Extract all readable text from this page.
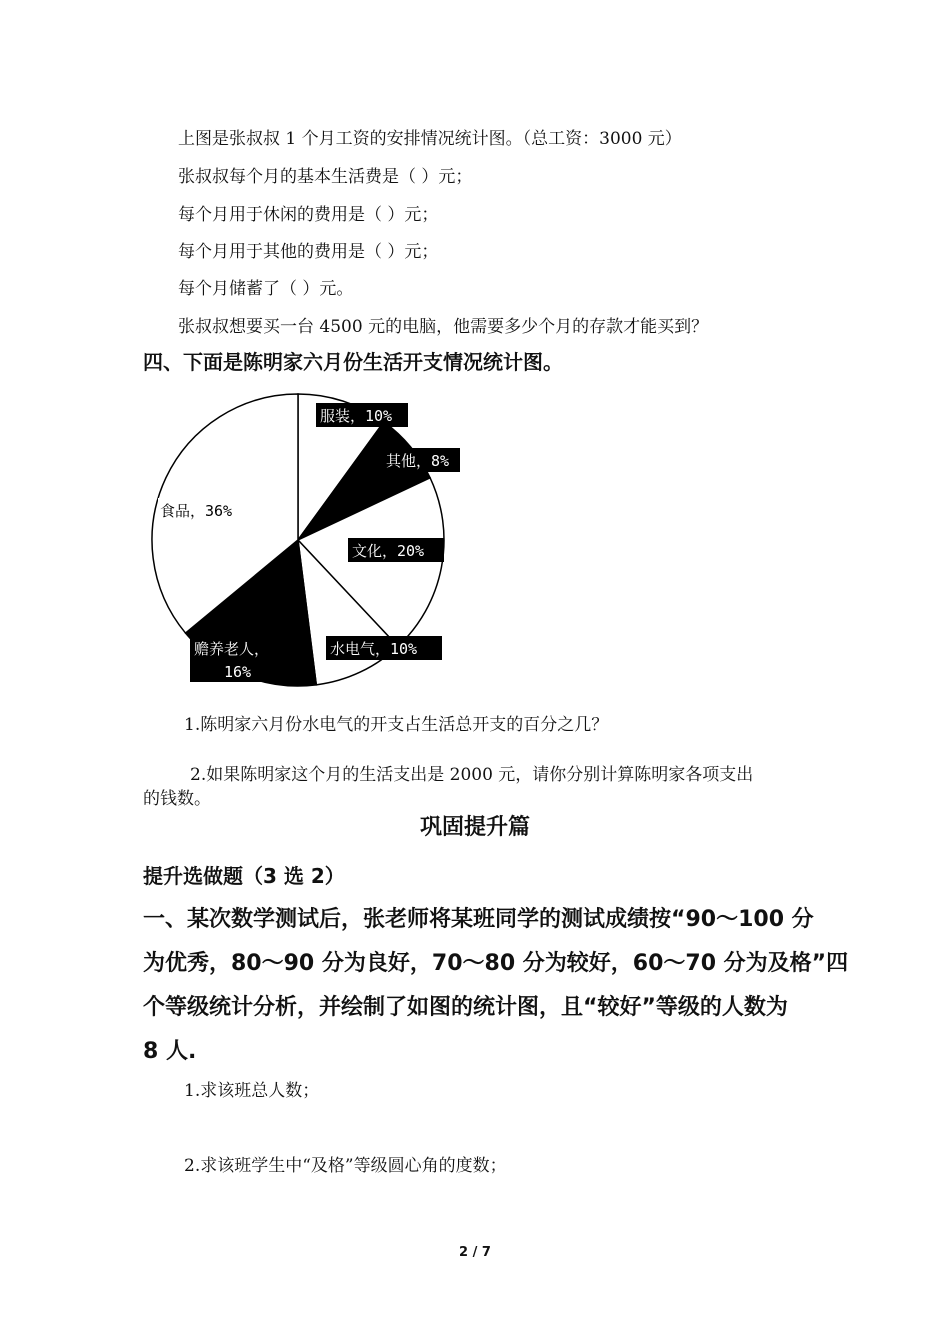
上图是张叔叔 1 个月工资的安排情况统计图。（总工资：3000 元）
张叔叔每个月的基本生活费是（ ）元；
每个月用于休闲的费用是（ ）元；
每个月用于其他的费用是（ ）元；
每个月储蓄了（ ）元。
张叔叔想要买一台 4500 元的电脑，他需要多少个月的存款才能买到？
四、下面是陈明家六月份生活开支情况统计图。
服装，10%
其他，8%
文化，20%
水电气，10%
赡养老人，
16%
食品，36%
1.陈明家六月份水电气的开支占生活总开支的百分之几？
2.如果陈明家这个月的生活支出是 2000 元，请你分别计算陈明家各项支出
的钱数。
巩固提升篇
提升选做题（3 选 2）
一、某次数学测试后，张老师将某班同学的测试成绩按“90～100 分
为优秀，80～90 分为良好，70～80 分为较好，60～70 分为及格”四
个等级统计分析，并绘制了如图的统计图，且“较好”等级的人数为
8 人.
1.求该班总人数；
2.求该班学生中“及格”等级圆心角的度数；
2 / 7
